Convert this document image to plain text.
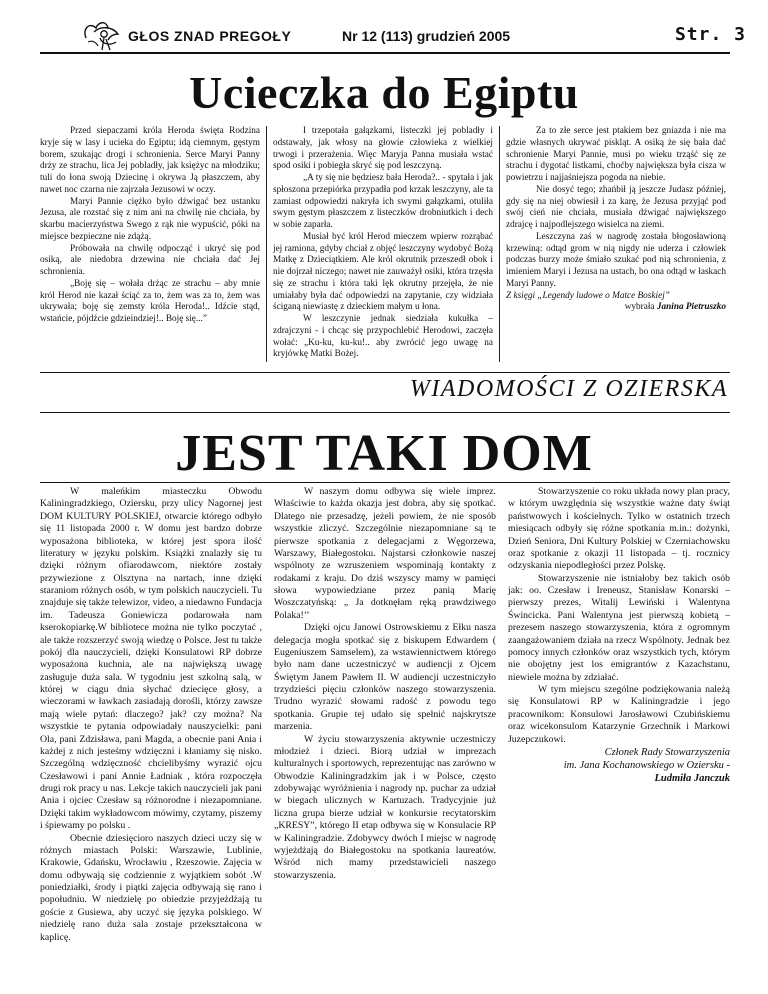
GŁOS ZNAD PREGOŁY	Nr 12 (113) grudzień 2005	Str. 3
Ucieczka do Egiptu

Przed siepaczami króla Heroda święta Rodzina kryje się w lasy i ucieka do Egiptu; idą ciemnym, gęstym borem, szukając drogi i schronienia. Serce Maryi Panny drży ze strachu, lica Jej pobladły, jak księżyc na młodziku; tuli do łona swoją Dziecinę i okrywa Ją płaszczem, aby nawet noc czarna nie zajrzała Jezusowi w oczy.

Maryi Pannie ciężko było dźwigać bez ustanku Jezusa, ale rozstać się z nim ani na chwilę nie chciała, by skarbu macierzyństwa Swego z rąk nie wypuścić, póki na miejsce bezpieczne nie zdążą.

Próbowała na chwilę odpocząć i ukryć się pod osiką, ale niedobra drzewina nie chciała dać Jej schronienia.

„Boję się – wołała drżąc ze strachu – aby mnie król Herod nie kazał ściąć za to, żem was za to, żem was ukrywała; boję się zemsty króla Heroda!.. Idźcie stąd, wstańcie, pójdźcie gdzieindziej!.. Boję się...”

I trzepotała gałązkami, listeczki jej pobladły i odstawały, jak włosy na głowie człowieka z wielkiej trwogi i przerażenia. Więc Maryja Panna musiała wstać spod osiki i pobiegła skryć się pod leszczyną.

„A ty się nie będziesz bała Heroda?.. - spytała i jak spłoszona przepiórka przypadła pod krzak leszczyny, ale ta zamiast odpowiedzi nakryła ich swymi gałązkami, otuliła swym gęstym płaszczem z listeczków drobniutkich i dech w sobie zaparła.

Musiał być król Herod mieczem wpierw rozrąbać jej ramiona, gdyby chciał z objęć leszczyny wydobyć Bożą Matkę z Dzieciątkiem. Ale król okrutnik przeszedł obok i nie dojrzał niczego; nawet nie zauważył osiki, która trzęsła się ze strachu i która taki lęk okrutny przejęła, że nie umiałaby była dać odpowiedzi na zapytanie, czy widziała ściganą niewiastę z dzieckiem małym u łona.

W leszczynie jednak siedziała kukułka – zdrajczyni - i chcąc się przypochlebić Herodowi, zaczęła wołać: „Ku-ku, ku-ku!.. aby zwrócić jego uwagę na kryjówkę Matki Bożej.

Za to złe serce jest ptakiem bez gniazda i nie ma gdzie własnych ukrywać piskląt. A osiką że się bała dać schronienie Maryi Pannie, musi po wieku trząść się ze strachu i dygotać listkami, choćby największa była cisza w powietrzu i najjaśniejsza pogoda na niebie.

Nie dosyć tego; zhańbił ją jeszcze Judasz później, gdy się na niej obwiesił i za karę, że Jezusa przyjąć pod swój cień nie chciała, musiała dźwigać największego zdrajcę i najpodlejszego wisielca na ziemi.

Leszczyna zaś w nagrodę została błogosławioną krzewiną: odtąd grom w nią nigdy nie uderza i człowiek podczas burzy może śmiało szukać pod nią schronienia, z imieniem Maryi i Jezusa na ustach, bo ona odtąd w łaskach Maryi Panny.

Z księgi „Legendy ludowe o Matce Boskiej”

wybrała Janina Pietruszko

WIADOMOŚCI Z OZIERSKA
JEST TAKI DOM

W maleńkim miasteczku Obwodu Kaliningradzkiego, Oziersku, przy ulicy Nagornej jest DOM KULTURY POLSKIEJ, otwarcie którego odbyło się 11 listopada 2000 r. W domu jest bardzo dobrze wyposażona biblioteka, w której jest spora ilość literatury w języku polskim. Książki znalazły się tu dzięki różnym ofiarodawcom, niektóre zostały przywiezione z Olsztyna na nartach, inne dzięki staraniom różnych osób, w tym polskich nauczycieli. Tu znajduje się także telewizor, video, a niedawno Fundacja im. Tadeusza Goniewicza podarowała nam kserokopiarkę.W bibliotece można nie tylko poczytać , ale także rozszerzyć swoją wiedzę o Polsce. Jest tu także pokój dla nauczycieli, dzięki Konsulatowi RP dobrze wyposażona kuchnia, ale na największą uwagę zasługuje duża sala. W tygodniu jest szkolną salą, w której w ciągu dnia słychać dziecięce głosy, a wieczorami w ławkach zasiadają dorośli, którzy zawsze mają wiele pytań: dlaczego? jak? czy można? Na wszystkie te pytania odpowiadały nauszycielki: pani Ola, pani Zdzisława, pani Magda, a obecnie pani Ania i każdej z nich jesteśmy wdzięczni i kłaniamy się nisko. Szczególną wdzięczność chcielibyśmy wyrazić ojcu Czesławowi i pani Annie Ładniak , która rozpoczęła drugi rok pracy u nas. Lekcje takich nauczycieli jak pani Ania i ojciec Czesław są różnorodne i niezapomniane. Dzięki takim wykładowcom mówimy, czytamy, piszemy i śpiewamy po polsku .

Obecnie dziesięcioro naszych dzieci uczy się w różnych miastach Polski: Warszawie, Lublinie, Krakowie, Gdańsku, Wrocławiu , Rzeszowie. Zajęcia w domu odbywają się codziennie z wyjątkiem sobót .W poniedziałki, środy i piątki zajęcia odbywają się rano i popołudniu. W niedzielę po obiedzie przyjeżdżają tu goście z Gusiewa, aby uczyć się języka polskiego. W niedzielę rano duża sala zostaje przekształcona w kaplicę.

W naszym domu odbywa się wiele imprez. Właściwie to każda okazja jest dobra, aby się spotkać. Dlatego nie przesadzę, jeżeli powiem, że nie sposób wszystkie zliczyć. Szczególnie niezapomniane są te pierwsze spotkania z delegacjami z Węgorzewa, Warszawy, Białegostoku. Najstarsi członkowie naszej wspólnoty ze wzruszeniem wspominają kontakty z rodakami z kraju. Do dziś wszyscy mamy w pamięci słowa wypowiedziane przez panią Marię Woszczatyńską: „ Ja dotknęłam ręką prawdziwego Polaka!’’

Dzięki ojcu Janowi Ostrowskiemu z Ełku nasza delegacja mogła spotkać się z biskupem Edwardem ( Eugeniuszem Samselem), za wstawiennictwem którego było nam dane uczestniczyć w audiencji z Ojcem Świętym Janem Pawłem II. W audiencji uczestniczyło trzydzieści pięciu członków naszego stowarzyszenia. Trudno wyrazić słowami radość z powodu tego spotkania. Grupie tej udało się spełnić najskrytsze marzenia.

W życiu stowarzyszenia aktywnie uczestniczy młodzież i dzieci. Biorą udział w imprezach kulturalnych i sportowych, reprezentując nas zarówno w Obwodzie Kaliningradzkim jak i w Polsce, często zdobywając wyróżnienia i nagrody np. puchar za udział w biegach ulicznych w Kartuzach. Tradycyjnie już liczna grupa bierze udział w konkursie recytatorskim „KRESY”, którego II etap odbywa się w Konsulacie RP w Kaliningradzie. Zdobywcy dwóch I miejsc w nagrodę wyjeżdżają do Białegostoku na spotkania laureatów. Wśród nich mamy przedstawicieli naszego stowarzyszenia.

Stowarzyszenie co roku układa nowy plan pracy, w którym uwzględnia się wszystkie ważne daty świąt państwowych i kościelnych. Tylko w ostatnich trzech miesiącach odbyły się różne spotkania m.in.: dożynki, Dzień Seniora, Dni Kultury Polskiej w Czerniachowsku oraz spotkanie z okazji 11 listopada – tj. rocznicy odzyskania niepodległości przez Polskę.

Stowarzyszenie nie istniałoby bez takich osób jak: oo. Czesław i Ireneusz, Stanisław Konarski – pierwszy prezes, Witalij Lewiński i Walentyna Świncicka. Pani Walentyna jest pierwszą kobietą – prezesem naszego stowarzyszenia, która z ogromnym zaangażowaniem działa na rzecz Wspólnoty. Jednak bez pomocy innych członków oraz wszystkich tych, którym nie obojętny jest los emigrantów z Kazachstanu, niewiele można by zdziałać.

W tym miejscu szególne podziękowania należą się Konsulatowi RP w Kaliningradzie i jego pracownikom: Konsulowi Jarosławowi Czubińskiemu oraz wicekonsulom Katarzynie Grzechnik i Markowi Juzepczukowi.

Członek Rady Stowarzyszenia
im. Jana Kochanowskiego w Oziersku -
Ludmiła Janczuk
